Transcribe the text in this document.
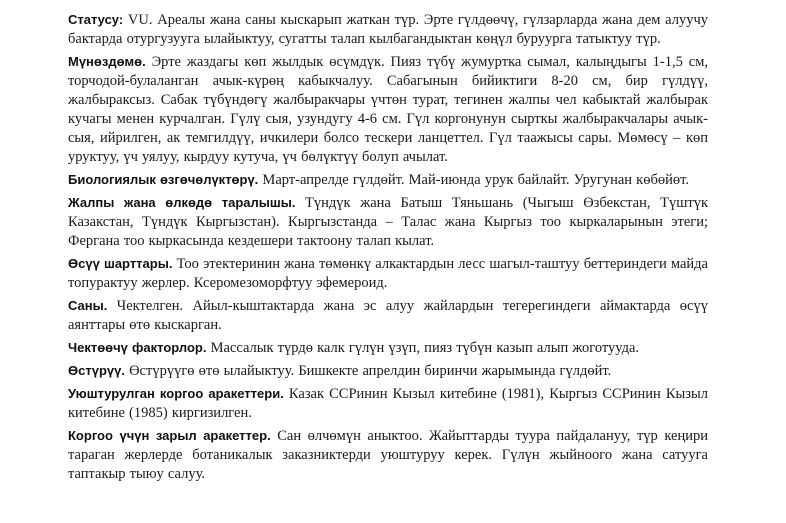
Статусу: VU. Ареалы жана саны кыскарып жаткан түр. Эрте гүлдөөчү, гүлзарларда жана дем алуучу бактарда отургузууга ылайыктуу, сугатты талап кылбагандыктан көңүл буруурга татыктуу түр.

Мүнөздөмө. Эрте жаздагы көп жылдык өсүмдүк. Пияз түбү жумуртка сымал, калыңдыгы 1-1,5 см, торчодой-булаланган ачык-күрөң кабыкчалуу. Сабагынын бийиктиги 8-20 см, бир гүлдүү, жалбыраксыз. Сабак түбүндөгү жалбыракчары үчтөн турат, тегинен жалпы чел кабыктай жалбырак кучагы менен курчалган. Гүлү сыя, узундугу 4-6 см. Гүл коргонунун сырткы жалбыракчалары ачык-сыя, ийрилген, ак темгилдүү, ичкилери болсо тескери ланцеттел. Гүл таажысы сары. Мөмөсү – көп уруктуу, үч уялуу, кырдуу кутуча, үч бөлүктүү болуп ачылат.

Биологиялык өзгөчөлүктөрү. Март-апрелде гүлдөйт. Май-июнда урук байлайт. Уругунан көбөйөт.

Жалпы жана өлкөдө таралышы. Түндүк жана Батыш Тяньшань (Чыгыш Өзбекстан, Түштүк Казакстан, Түндүк Кыргызстан). Кыргызстанда – Талас жана Кыргыз тоо кыркаларынын этеги; Фергана тоо кыркасында кездешери тактоону талап кылат.

Өсүү шарттары. Тоо этектеринин жана төмөнкү алкактардын лесс шагыл-таштуу беттериндеги майда топурактуу жерлер. Ксеромезоморфтуу эфемероид.

Саны. Чектелген. Айыл-кыштактарда жана эс алуу жайлардын тегерегиндеги аймактарда өсүү аянттары өтө кыскарган.

Чектөөчү факторлор. Массалык түрдө калк гүлүн үзүп, пияз түбүн казып алып жоготууда.

Өстүрүү. Өстүрүүгө өтө ылайыктуу. Бишкекте апрелдин биринчи жарымында гүлдөйт.

Уюштурулган коргоо аракеттери. Казак ССРинин Кызыл китебине (1981), Кыргыз ССРинин Кызыл китебине (1985) киргизилген.

Коргоо үчүн зарыл аракеттер. Сан өлчөмүн аныктоо. Жайыттарды туура пайдалануу, түр кеңири тараган жерлерде ботаникалык заказниктерди уюштуруу керек. Гүлүн жыйноого жана сатууга таптакыр тыюу салуу.
